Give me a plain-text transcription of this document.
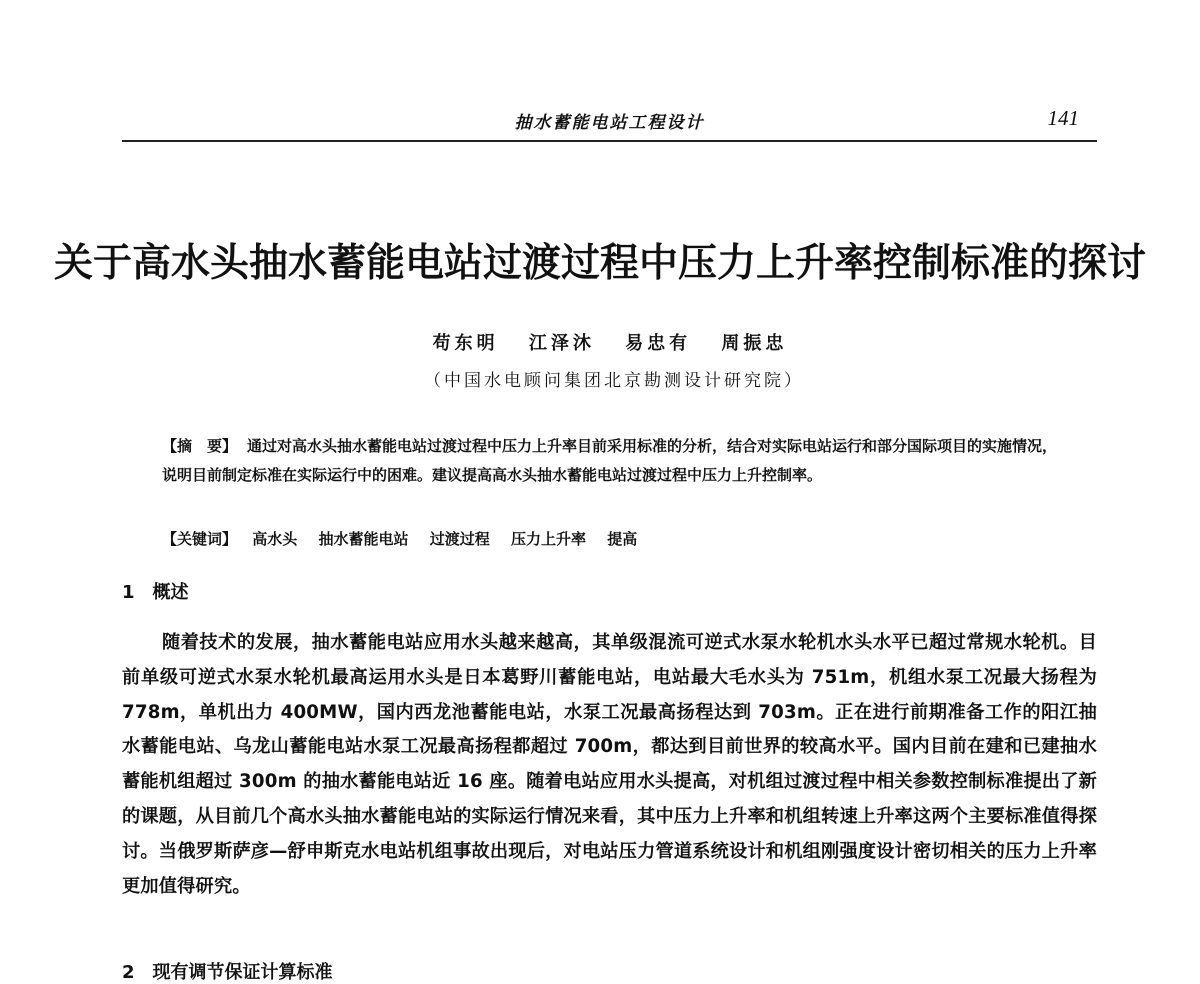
抽水蓄能电站工程设计	141
关于高水头抽水蓄能电站过渡过程中压力上升率控制标准的探讨
苟东明 江泽沐 易忠有 周振忠
（中国水电顾问集团北京勘测设计研究院）
【摘　要】 通过对高水头抽水蓄能电站过渡过程中压力上升率目前采用标准的分析，结合对实际电站运行和部分国际项目的实施情况，说明目前制定标准在实际运行中的困难。建议提高高水头抽水蓄能电站过渡过程中压力上升控制率。
【关键词】 高水头 抽水蓄能电站 过渡过程 压力上升率 提高
1 概述
随着技术的发展，抽水蓄能电站应用水头越来越高，其单级混流可逆式水泵水轮机水头水平已超过常规水轮机。目前单级可逆式水泵水轮机最高运用水头是日本葛野川蓄能电站，电站最大毛水头为 751m，机组水泵工况最大扬程为 778m，单机出力 400MW，国内西龙池蓄能电站，水泵工况最高扬程达到 703m。正在进行前期准备工作的阳江抽水蓄能电站、乌龙山蓄能电站水泵工况最高扬程都超过 700m，都达到目前世界的较高水平。国内目前在建和已建抽水蓄能机组超过 300m 的抽水蓄能电站近 16 座。随着电站应用水头提高，对机组过渡过程中相关参数控制标准提出了新的课题，从目前几个高水头抽水蓄能电站的实际运行情况来看，其中压力上升率和机组转速上升率这两个主要标准值得探讨。当俄罗斯萨彦—舒申斯克水电站机组事故出现后，对电站压力管道系统设计和机组刚强度设计密切相关的压力上升率更加值得研究。
2 现有调节保证计算标准
